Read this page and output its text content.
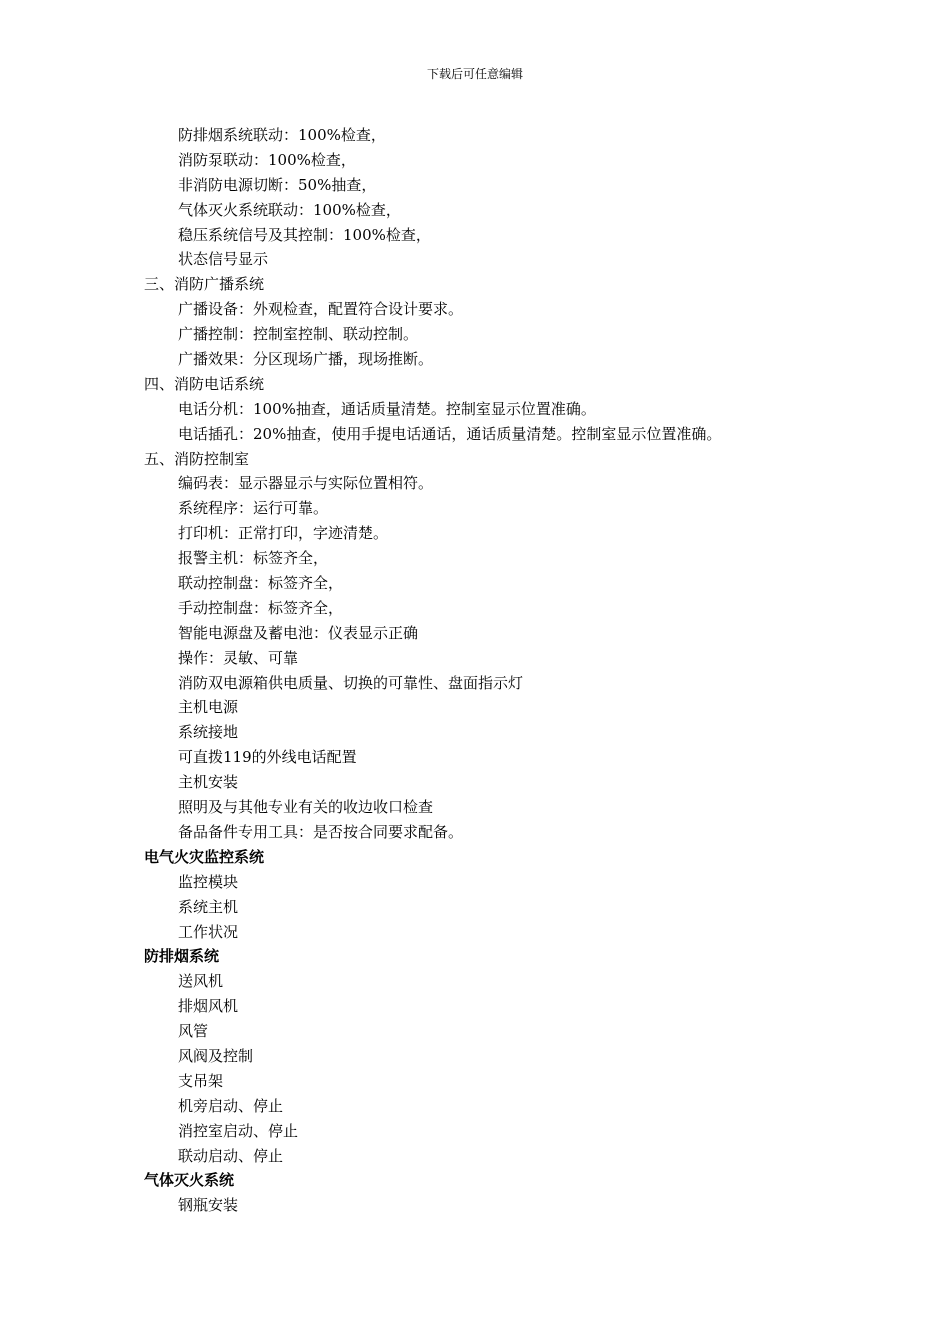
下载后可任意编辑
防排烟系统联动：100%检查，
消防泵联动：100%检查，
非消防电源切断：50%抽查，
气体灭火系统联动：100%检查，
稳压系统信号及其控制：100%检查，
状态信号显示
三、消防广播系统
广播设备：外观检查，配置符合设计要求。
广播控制：控制室控制、联动控制。
广播效果：分区现场广播，现场推断。
四、消防电话系统
电话分机：100%抽查，通话质量清楚。控制室显示位置准确。
电话插孔：20%抽查，使用手提电话通话，通话质量清楚。控制室显示位置准确。
五、消防控制室
编码表：显示器显示与实际位置相符。
系统程序：运行可靠。
打印机：正常打印，字迹清楚。
报警主机：标签齐全，
联动控制盘：标签齐全，
手动控制盘：标签齐全，
智能电源盘及蓄电池：仪表显示正确
操作：灵敏、可靠
消防双电源箱供电质量、切换的可靠性、盘面指示灯
主机电源
系统接地
可直拨119的外线电话配置
主机安装
照明及与其他专业有关的收边收口检查
备品备件专用工具：是否按合同要求配备。
电气火灾监控系统
监控模块
系统主机
工作状况
防排烟系统
送风机
排烟风机
风管
风阀及控制
支吊架
机旁启动、停止
消控室启动、停止
联动启动、停止
气体灭火系统
钢瓶安装
